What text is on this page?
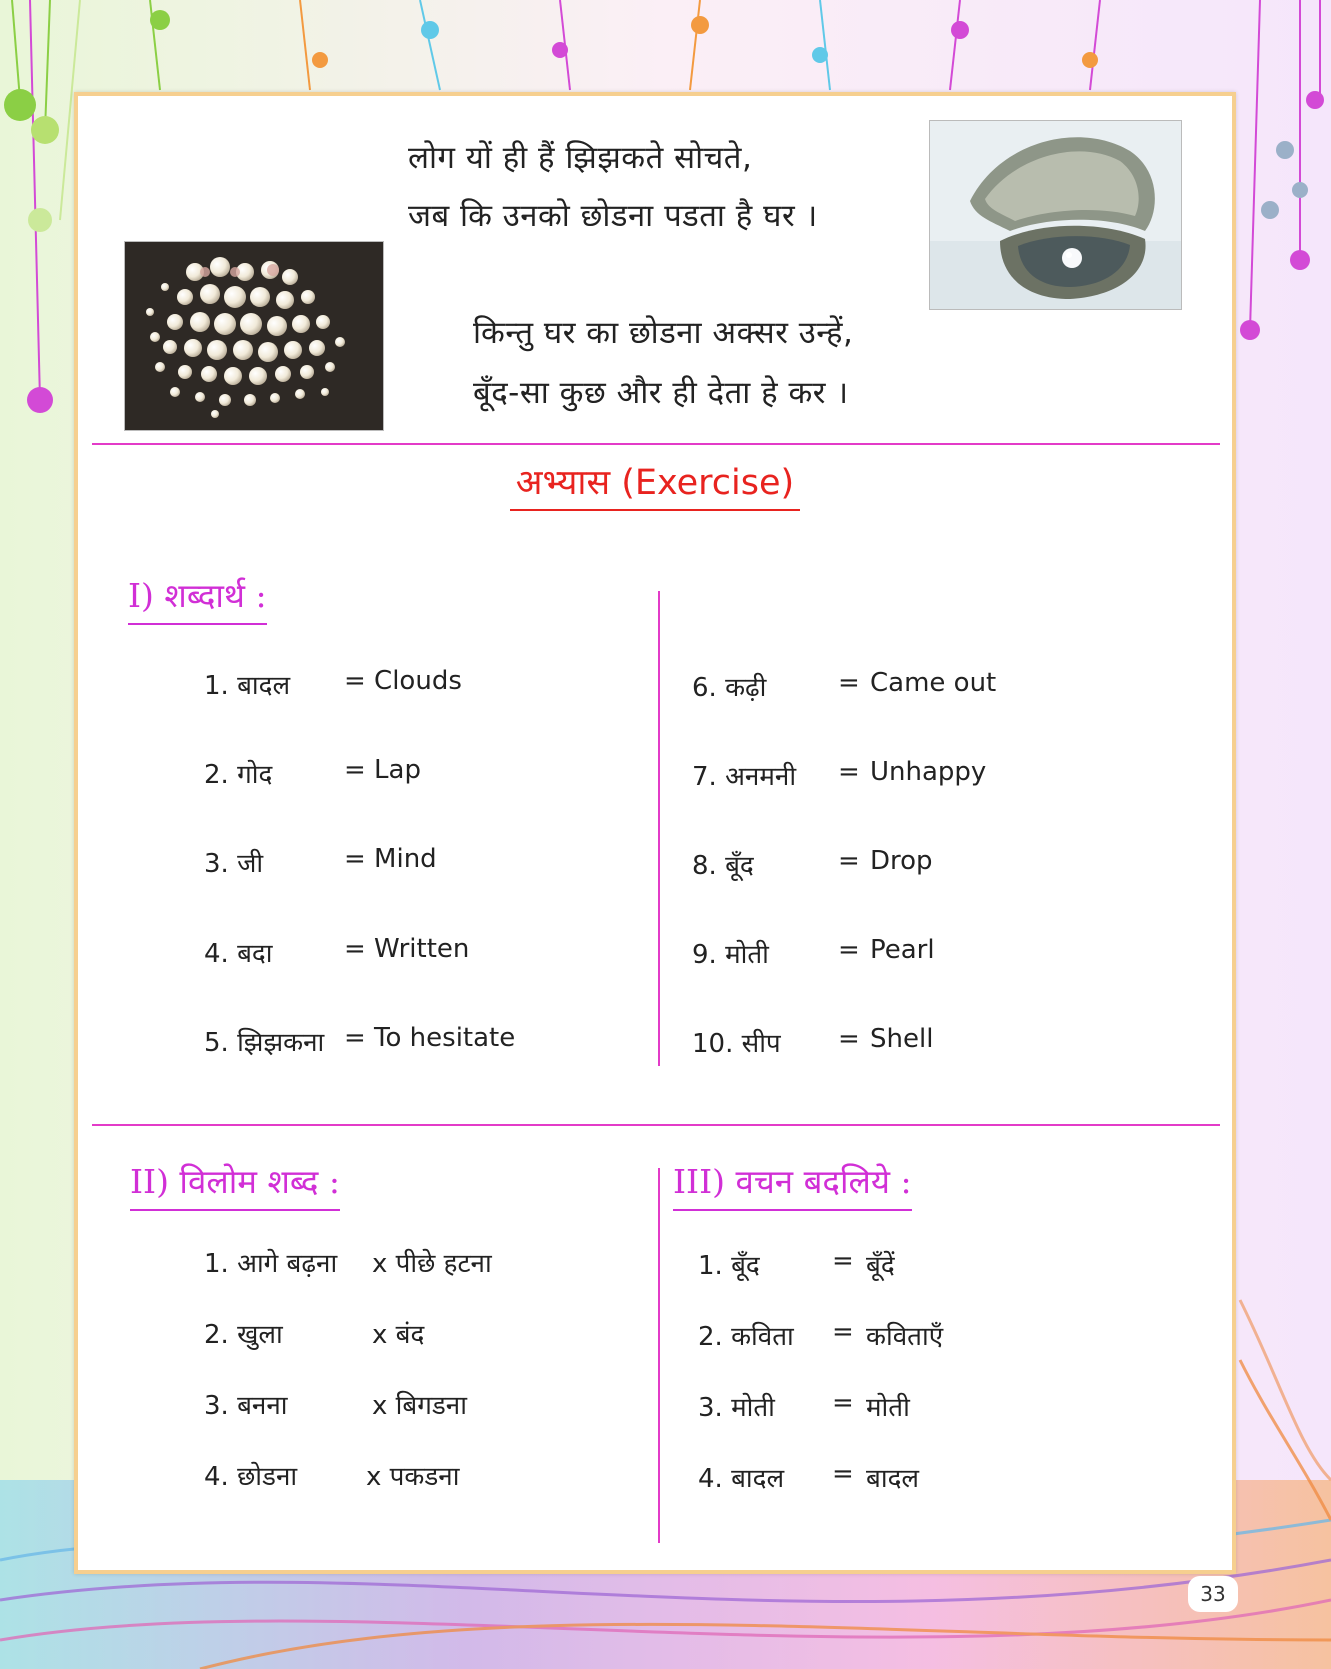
लोग यों ही हैं झिझकते सोचते,
जब कि उनको छोडना पडता है घर ।
किन्तु घर का छोडना अक्सर उन्हें,
बूँद-सा कुछ और ही देता हे कर ।
अभ्यास (Exercise)
I) शब्दार्थ :
1. बादल = Clouds
2. गोद	= Lap
3. जी	= Mind
4. बदा	= Written
5. झिझकना = To hesitate
6. कढ़ी	= Came out
7. अनमनी = Unhappy
8. बूँद	= Drop
9. मोती	= Pearl
10. सीप = Shell
II) विलोम शब्द :
1. आगे बढ़ना x पीछे हटना
2. खुला	x बंद
3. बनना	x बिगडना
4. छोडना	x पकडना
III) वचन बदलिये :
1. बूँद	= बूँदें
2. कविता = कविताएँ
3. मोती = मोती
4. बादल = बादल
33
